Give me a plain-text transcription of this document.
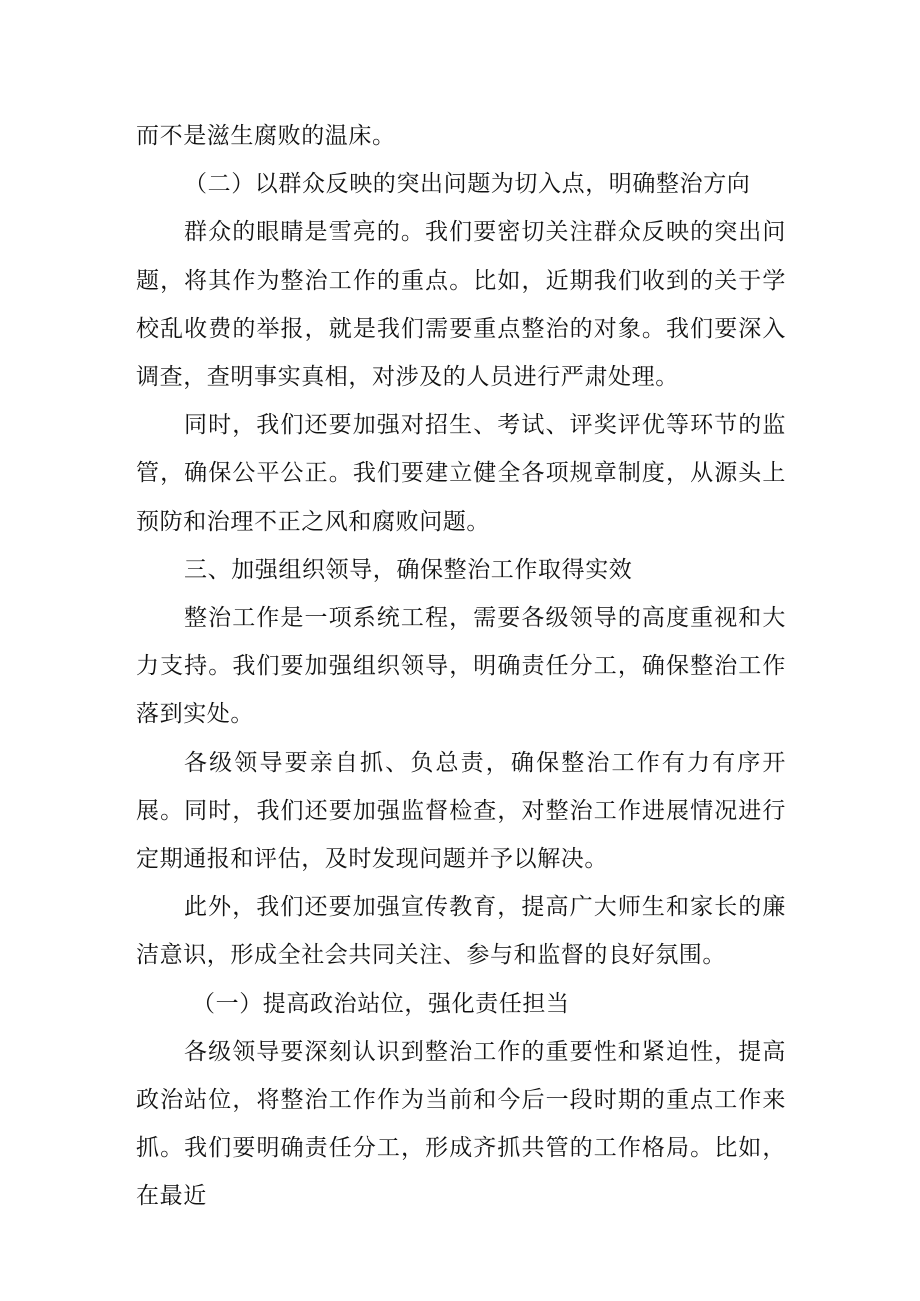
而不是滋生腐败的温床。

（二）以群众反映的突出问题为切入点，明确整治方向

群众的眼睛是雪亮的。我们要密切关注群众反映的突出问题，将其作为整治工作的重点。比如，近期我们收到的关于学校乱收费的举报，就是我们需要重点整治的对象。我们要深入调查，查明事实真相，对涉及的人员进行严肃处理。

同时，我们还要加强对招生、考试、评奖评优等环节的监管，确保公平公正。我们要建立健全各项规章制度，从源头上预防和治理不正之风和腐败问题。

三、加强组织领导，确保整治工作取得实效

整治工作是一项系统工程，需要各级领导的高度重视和大力支持。我们要加强组织领导，明确责任分工，确保整治工作落到实处。

各级领导要亲自抓、负总责，确保整治工作有力有序开展。同时，我们还要加强监督检查，对整治工作进展情况进行定期通报和评估，及时发现问题并予以解决。

此外，我们还要加强宣传教育，提高广大师生和家长的廉洁意识，形成全社会共同关注、参与和监督的良好氛围。

（一）提高政治站位，强化责任担当

各级领导要深刻认识到整治工作的重要性和紧迫性，提高政治站位，将整治工作作为当前和今后一段时期的重点工作来抓。我们要明确责任分工，形成齐抓共管的工作格局。比如，在最近
